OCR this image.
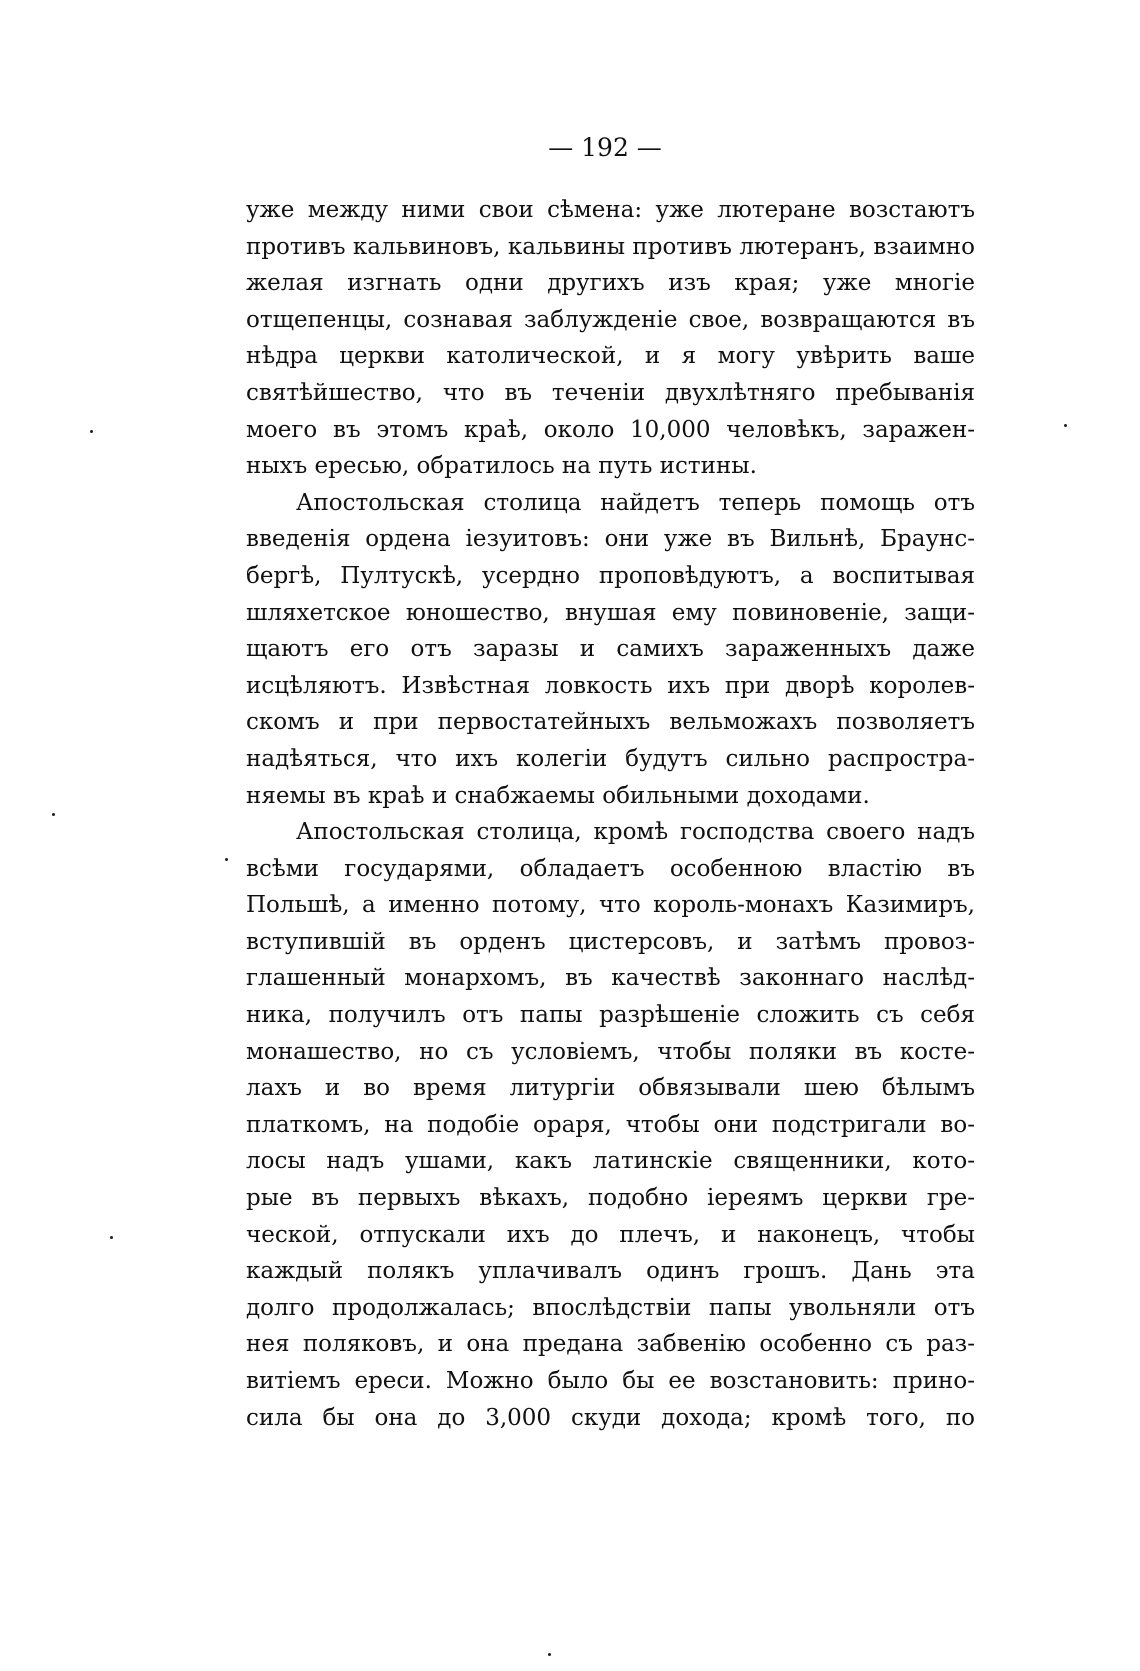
— 192 —
уже между ними свои сѣмена: уже лютеране возстаютъ
противъ кальвиновъ, кальвины противъ лютеранъ, взаимно
желая изгнать одни другихъ изъ края; уже многіе
отщепенцы, сознавая заблужденіе свое, возвращаются въ
нѣдра церкви католической, и я могу увѣрить ваше
святѣйшество, что въ теченіи двухлѣтняго пребыванія
моего въ этомъ краѣ, около 10,000 человѣкъ, заражен-
ныхъ ересью, обратилось на путь истины.
Апостольская столица найдетъ теперь помощь отъ
введенія ордена іезуитовъ: они уже въ Вильнѣ, Браунс-
бергѣ, Пултускѣ, усердно проповѣдуютъ, а воспитывая
шляхетское юношество, внушая ему повиновеніе, защи-
щаютъ его отъ заразы и самихъ зараженныхъ даже
исцѣляютъ. Извѣстная ловкость ихъ при дворѣ королев-
скомъ и при первостатейныхъ вельможахъ позволяетъ
надѣяться, что ихъ колегіи будутъ сильно распростра-
няемы въ краѣ и снабжаемы обильными доходами.
Апостольская столица, кромѣ господства своего надъ
всѣми государями, обладаетъ особенною властію въ
Польшѣ, а именно потому, что король-монахъ Казимиръ,
вступившій въ орденъ цистерсовъ, и затѣмъ провоз-
глашенный монархомъ, въ качествѣ законнаго наслѣд-
ника, получилъ отъ папы разрѣшеніе сложить съ себя
монашество, но съ условіемъ, чтобы поляки въ костe-
лахъ и во время литургіи обвязывали шею бѣлымъ
платкомъ, на подобіе ораря, чтобы они подстригали во-
лосы надъ ушами, какъ латинскіе священники, кото-
рые въ первыхъ вѣкахъ, подобно іереямъ церкви гре-
ческой, отпускали ихъ до плечъ, и наконецъ, чтобы
каждый полякъ уплачивалъ одинъ грошъ. Дань эта
долго продолжалась; впослѣдствіи папы увольняли отъ
нея поляковъ, и она предана забвенію особенно съ раз-
витіемъ ереси. Можно было бы ее возстановить: прино-
сила бы она до 3,000 скуди дохода; кромѣ того, по
